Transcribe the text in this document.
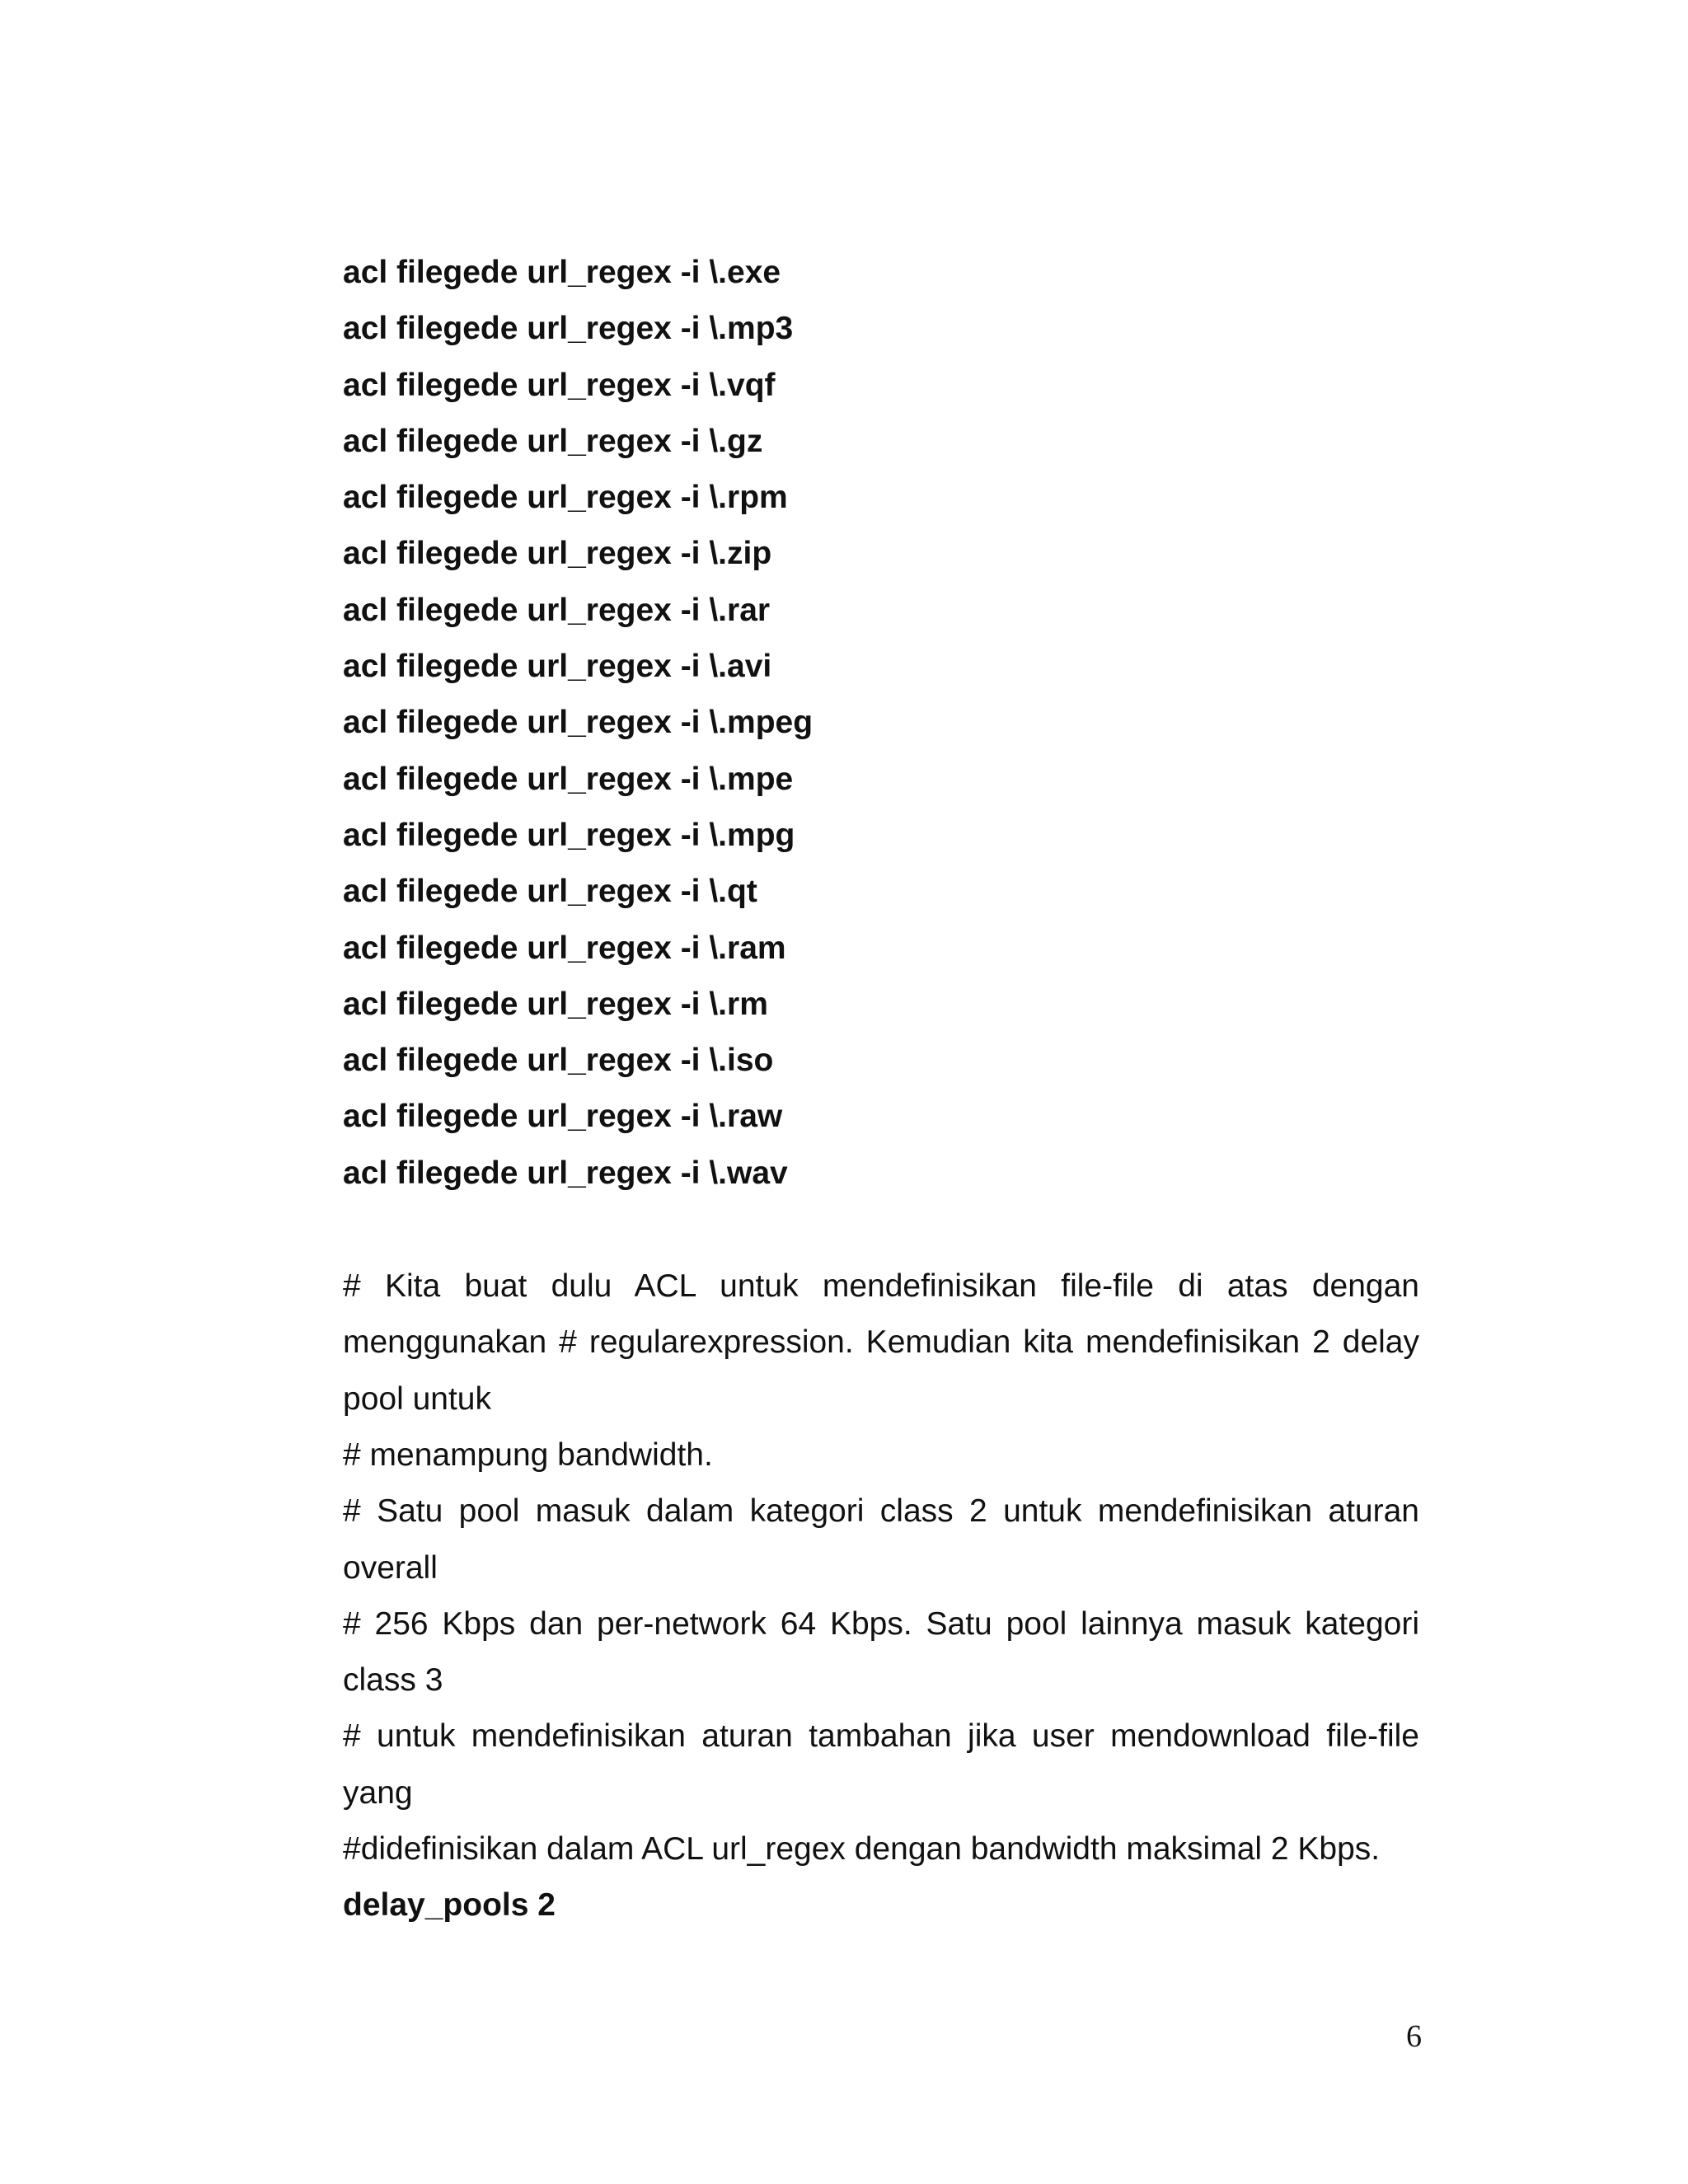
acl filegede url_regex -i \.exe

acl filegede url_regex -i \.mp3

acl filegede url_regex -i \.vqf

acl filegede url_regex -i \.gz

acl filegede url_regex -i \.rpm

acl filegede url_regex -i \.zip

acl filegede url_regex -i \.rar

acl filegede url_regex -i \.avi

acl filegede url_regex -i \.mpeg

acl filegede url_regex -i \.mpe

acl filegede url_regex -i \.mpg

acl filegede url_regex -i \.qt

acl filegede url_regex -i \.ram

acl filegede url_regex -i \.rm

acl filegede url_regex -i \.iso

acl filegede url_regex -i \.raw

acl filegede url_regex -i \.wav

# Kita buat dulu ACL untuk mendefinisikan file-file di atas dengan menggunakan # regularexpression. Kemudian kita mendefinisikan 2 delay pool untuk

# menampung bandwidth.

# Satu pool masuk dalam kategori class 2 untuk mendefinisikan aturan overall

# 256 Kbps dan per-network 64 Kbps. Satu pool lainnya masuk kategori class 3

# untuk mendefinisikan aturan tambahan jika user mendownload file-file yang

#didefinisikan dalam ACL url_regex dengan bandwidth maksimal 2 Kbps.

delay_pools 2

6
